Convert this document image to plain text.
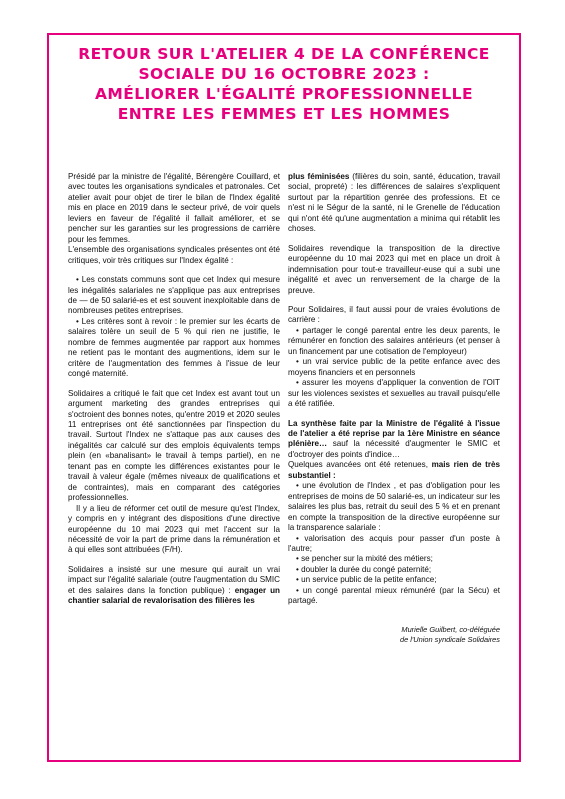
RETOUR SUR L'ATELIER 4 DE LA CONFÉRENCE
SOCIALE DU 16 OCTOBRE 2023 :
AMÉLIORER L'ÉGALITÉ PROFESSIONNELLE
ENTRE LES FEMMES ET LES HOMMES

Présidé par la ministre de l'égalité, Bérengère Couillard, et avec toutes les organisations syndicales et patronales. Cet atelier avait pour objet de tirer le bilan de l'Index égalité mis en place en 2019 dans le secteur privé, de voir quels leviers en faveur de l'égalité il fallait améliorer, et se pencher sur les garanties sur les progressions de carrière pour les femmes.

L'ensemble des organisations syndicales présentes ont été critiques, voir très critiques sur l'Index égalité :

• Les constats communs sont que cet Index qui mesure les inégalités salariales ne s'applique pas aux entreprises de — de 50 salarié-es et est souvent inexploitable dans de nombreuses petites entreprises.
• Les critères sont à revoir : le premier sur les écarts de salaires tolère un seuil de 5 % qui rien ne justifie, le nombre de femmes augmentée par rapport aux hommes ne retient pas le montant des augmentions, idem sur le critère de l'augmentation des femmes à l'issue de leur congé maternité.

Solidaires a critiqué le fait que cet Index est avant tout un argument marketing des grandes entreprises qui s'octroient des bonnes notes, qu'entre 2019 et 2020 seules 11 entreprises ont été sanctionnées par l'inspection du travail. Surtout l'Index ne s'attaque pas aux causes des inégalités car calculé sur des emplois équivalents temps plein (en «banalisant» le travail à temps partiel), en ne tenant pas en compte les différences existantes pour le travail à valeur égale (mêmes niveaux de qualifications et de contraintes), mais en comparant des catégories professionnelles.

Il y a lieu de réformer cet outil de mesure qu'est l'Index, y compris en y intégrant des dispositions d'une directive européenne du 10 mai 2023 qui met l'accent sur la nécessité de voir la part de prime dans la rémunération et à qui elles sont attribuées (F/H).

Solidaires a insisté sur une mesure qui aurait un vrai impact sur l'égalité salariale (outre l'augmentation du SMIC et des salaires dans la fonction publique) : engager un chantier salarial de revalorisation des filières les

plus féminisées (filières du soin, santé, éducation, travail social, propreté) : les différences de salaires s'expliquent surtout par la répartition genrée des professions. Et ce n'est ni le Ségur de la santé, ni le Grenelle de l'éducation qui n'ont été qu'une augmentation a minima qui rétablit les choses.

Solidaires revendique la transposition de la directive européenne du 10 mai 2023 qui met en place un droit à indemnisation pour tout-e travailleur-euse qui a subi une inégalité et avec un renversement de la charge de la preuve.

Pour Solidaires, il faut aussi pour de vraies évolutions de carrière :

• partager le congé parental entre les deux parents, le rémunérer en fonction des salaires antérieurs (et penser à un financement par une cotisation de l'employeur)
• un vrai service public de la petite enfance avec des moyens financiers et en personnels
• assurer les moyens d'appliquer la convention de l'OIT sur les violences sexistes et sexuelles au travail puisqu'elle a été ratifiée.

La synthèse faite par la Ministre de l'égalité à l'issue de l'atelier a été reprise par la 1ère Ministre en séance plénière… sauf la nécessité d'augmenter le SMIC et d'octroyer des points d'indice…

Quelques avancées ont été retenues, mais rien de très substantiel :

• une évolution de l'Index , et pas d'obligation pour les entreprises de moins de 50 salarié-es, un indicateur sur les salaires les plus bas, retrait du seuil des 5 % et en prenant en compte la transposition de la directive européenne sur la transparence salariale :
• valorisation des acquis pour passer d'un poste à l'autre;
• se pencher sur la mixité des métiers;
• doubler la durée du congé paternité;
• un service public de la petite enfance;
• un congé parental mieux rémunéré (par la Sécu) et partagé.
Murielle Guilbert, co-déléguée
de l'Union syndicale Solidaires
